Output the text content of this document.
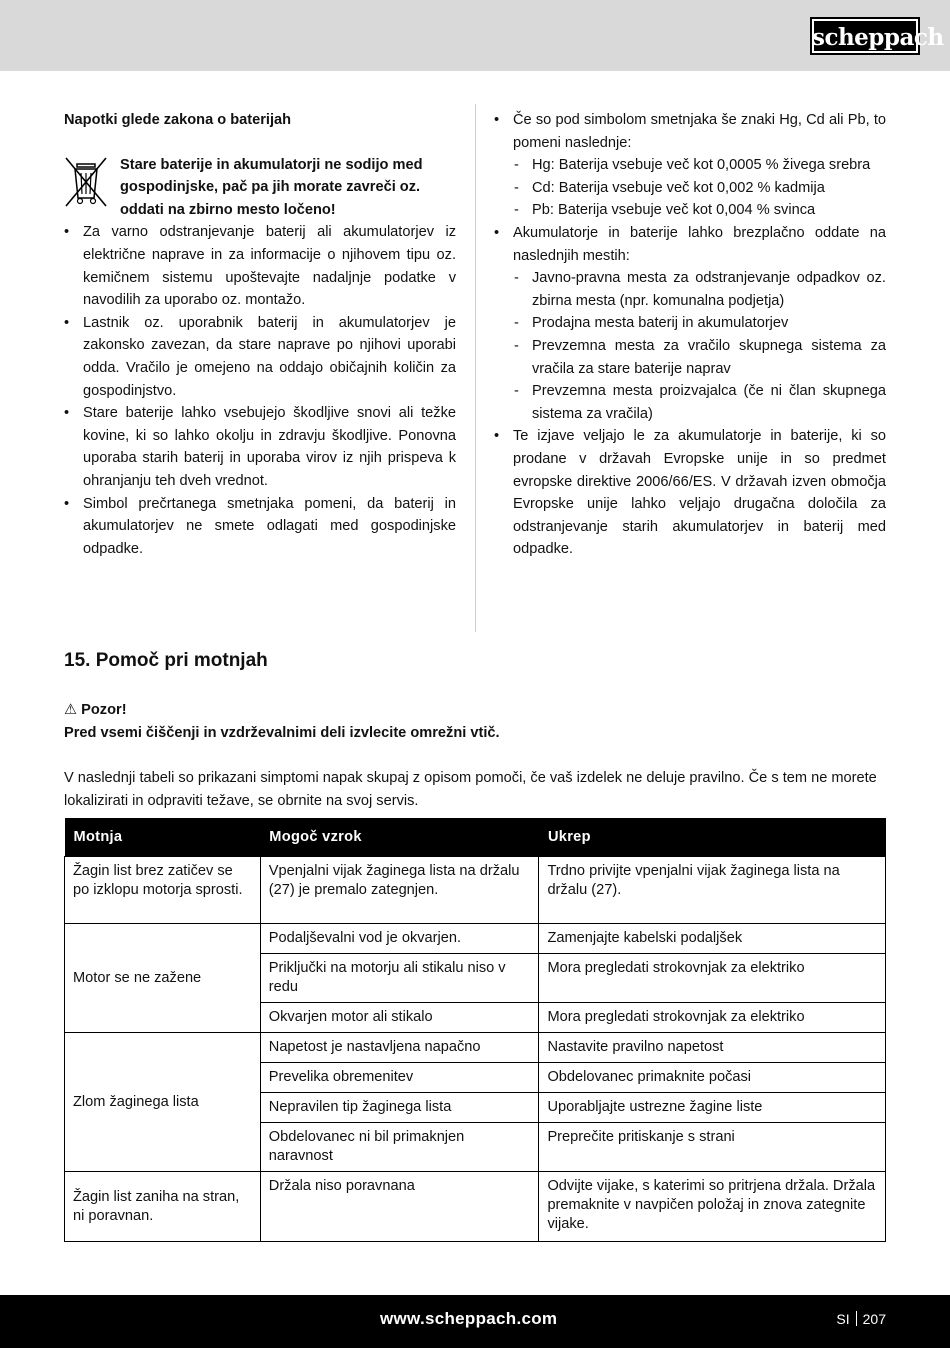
scheppach
Napotki glede zakona o baterijah
Stare baterije in akumulatorji ne sodijo med gospodinjske, pač pa jih morate zavreči oz. oddati na zbirno mesto ločeno!
• Za varno odstranjevanje baterij ali akumulatorjev iz električne naprave in za informacije o njihovem tipu oz. kemičnem sistemu upoštevajte nadaljnje podatke v navodilih za uporabo oz. montažo.
• Lastnik oz. uporabnik baterij in akumulatorjev je zakonsko zavezan, da stare naprave po njihovi uporabi odda. Vračilo je omejeno na oddajo običajnih količin za gospodinjstvo.
• Stare baterije lahko vsebujejo škodljive snovi ali težke kovine, ki so lahko okolju in zdravju škodljive. Ponovna uporaba starih baterij in uporaba virov iz njih prispeva k ohranjanju teh dveh vrednot.
• Simbol prečrtanega smetnjaka pomeni, da baterij in akumulatorjev ne smete odlagati med gospodinjske odpadke.
• Če so pod simbolom smetnjaka še znaki Hg, Cd ali Pb, to pomeni naslednje:
- Hg: Baterija vsebuje več kot 0,0005 % živega srebra
- Cd: Baterija vsebuje več kot 0,002 % kadmija
- Pb: Baterija vsebuje več kot 0,004 % svinca
• Akumulatorje in baterije lahko brezplačno oddate na naslednjih mestih:
- Javno-pravna mesta za odstranjevanje odpadkov oz. zbirna mesta (npr. komunalna podjetja)
- Prodajna mesta baterij in akumulatorjev
- Prevzemna mesta za vračilo skupnega sistema za vračila za stare baterije naprav
- Prevzemna mesta proizvajalca (če ni član skupnega sistema za vračila)
• Te izjave veljajo le za akumulatorje in baterije, ki so prodane v državah Evropske unije in so predmet evropske direktive 2006/66/ES. V državah izven območja Evropske unije lahko veljajo drugačna določila za odstranjevanje starih akumulatorjev in baterij med odpadke.
15. Pomoč pri motnjah
⚠ Pozor!
Pred vsemi čiščenji in vzdrževalnimi deli izvlecite omrežni vtič.
V naslednji tabeli so prikazani simptomi napak skupaj z opisom pomoči, če vaš izdelek ne deluje pravilno. Če s tem ne morete lokalizirati in odpraviti težave, se obrnite na svoj servis.
Motnja	Mogoč vzrok	Ukrep
Žagin list brez zatičev se po izklopu motorja sprosti.	Vpenjalni vijak žaginega lista na držalu (27) je premalo zategnjen.	Trdno privijte vpenjalni vijak žaginega lista na držalu (27).
Motor se ne zažene	Podaljševalni vod je okvarjen.	Zamenjajte kabelski podaljšek
	Priključki na motorju ali stikalu niso v redu	Mora pregledati strokovnjak za elektriko
	Okvarjen motor ali stikalo	Mora pregledati strokovnjak za elektriko
Zlom žaginega lista	Napetost je nastavljena napačno	Nastavite pravilno napetost
	Prevelika obremenitev	Obdelovanec primaknite počasi
	Nepravilen tip žaginega lista	Uporabljajte ustrezne žagine liste
	Obdelovanec ni bil primaknjen naravnost	Preprečite pritiskanje s strani
Žagin list zaniha na stran, ni poravnan.	Držala niso poravnana	Odvijte vijake, s katerimi so pritrjena držala. Držala premaknite v navpičen položaj in znova zategnite vijake.
www.scheppach.com	SI 207
